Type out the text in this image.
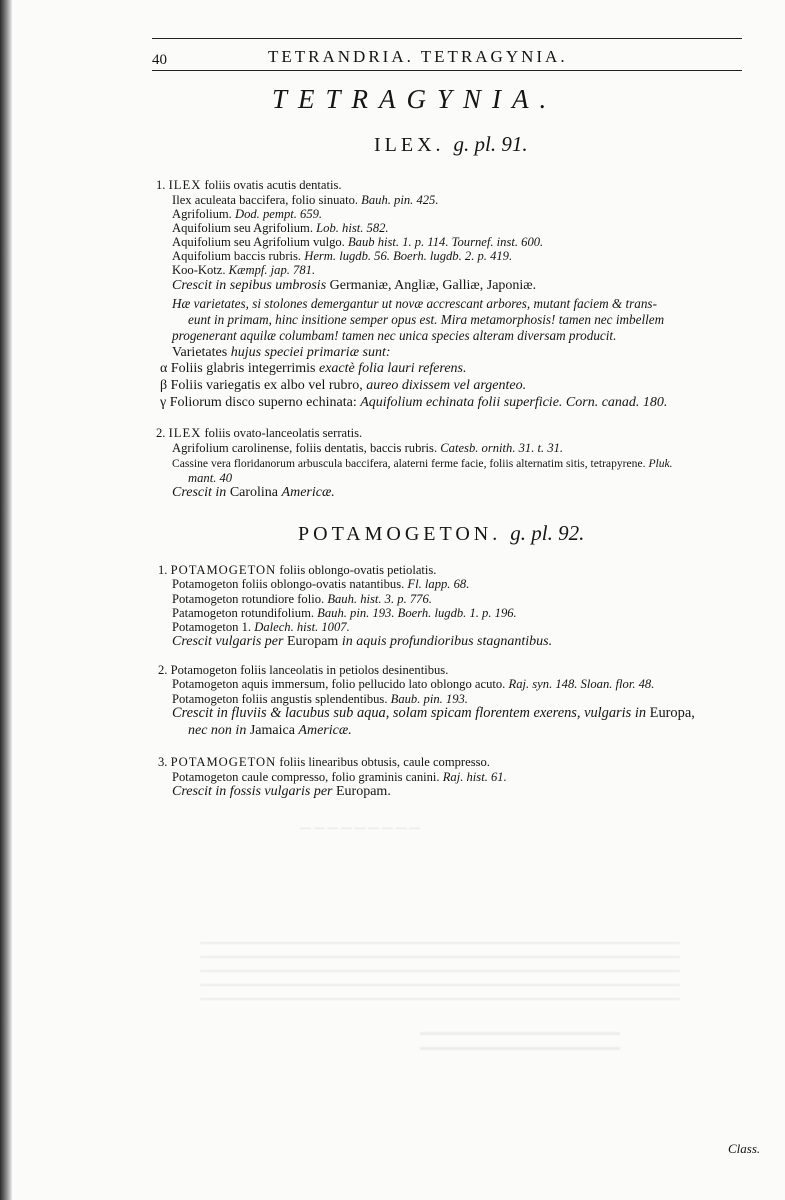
40	TETRANDRIA. TETRAGYNIA.
TETRAGYNIA.
ILEX. g. pl. 91.
1. ILEX foliis ovatis acutis dentatis.
Ilex aculeata baccifera, folio sinuato. Bauh. pin. 425.
Agrifolium. Dod. pempt. 659.
Aquifolium seu Agrifolium. Lob. hist. 582.
Aquifolium seu Agrifolium vulgo. Baub hist. 1. p. 114. Tournef. inst. 600.
Aquifolium baccis rubris. Herm. lugdb. 56. Boerh. lugdb. 2. p. 419.
Koo-Kotz. Kæmpf. jap. 781.
Crescit in sepibus umbrosis Germaniæ, Angliæ, Galliæ, Japoniæ.
Hæ varietates, si stolones demergantur ut novæ accrescant arbores, mutant faciem & trans-
eunt in primam, hinc insitione semper opus est. Mira metamorphosis! tamen nec imbellem
progenerant aquilæ columbam! tamen nec unica species alteram diversam producit.
Varietates hujus speciei primariæ sunt:
α Foliis glabris integerrimis exactè folia lauri referens.
β Foliis variegatis ex albo vel rubro, aureo dixissem vel argenteo.
γ Foliorum disco superno echinata: Aquifolium echinata folii superficie. Corn. canad. 180.
2. ILEX foliis ovato-lanceolatis serratis.
Agrifolium carolinense, foliis dentatis, baccis rubris. Catesb. ornith. 31. t. 31.
Cassine vera floridanorum arbuscula baccifera, alaterni ferme facie, foliis alternatim sitis, tetrapyrene. Pluk.
mant. 40
Crescit in Carolina Americæ.
POTAMOGETON. g. pl. 92.
1. POTAMOGETON foliis oblongo-ovatis petiolatis.
Potamogeton foliis oblongo-ovatis natantibus. Fl. lapp. 68.
Potamogeton rotundiore folio. Bauh. hist. 3. p. 776.
Patamogeton rotundifolium. Bauh. pin. 193. Boerh. lugdb. 1. p. 196.
Potamogeton 1. Dalech. hist. 1007.
Crescit vulgaris per Europam in aquis profundioribus stagnantibus.
2. Potamogeton foliis lanceolatis in petiolos desinentibus.
Potamogeton aquis immersum, folio pellucido lato oblongo acuto. Raj. syn. 148. Sloan. flor. 48.
Potamogeton foliis angustis splendentibus. Baub. pin. 193.
Crescit in fluviis & lacubus sub aqua, solam spicam florentem exerens, vulgaris in Europa,
nec non in Jamaica Americæ.
3. POTAMOGETON foliis linearibus obtusis, caule compresso.
Potamogeton caule compresso, folio graminis canini. Raj. hist. 61.
Crescit in fossis vulgaris per Europam.
— — — — — — — — —
Class.
